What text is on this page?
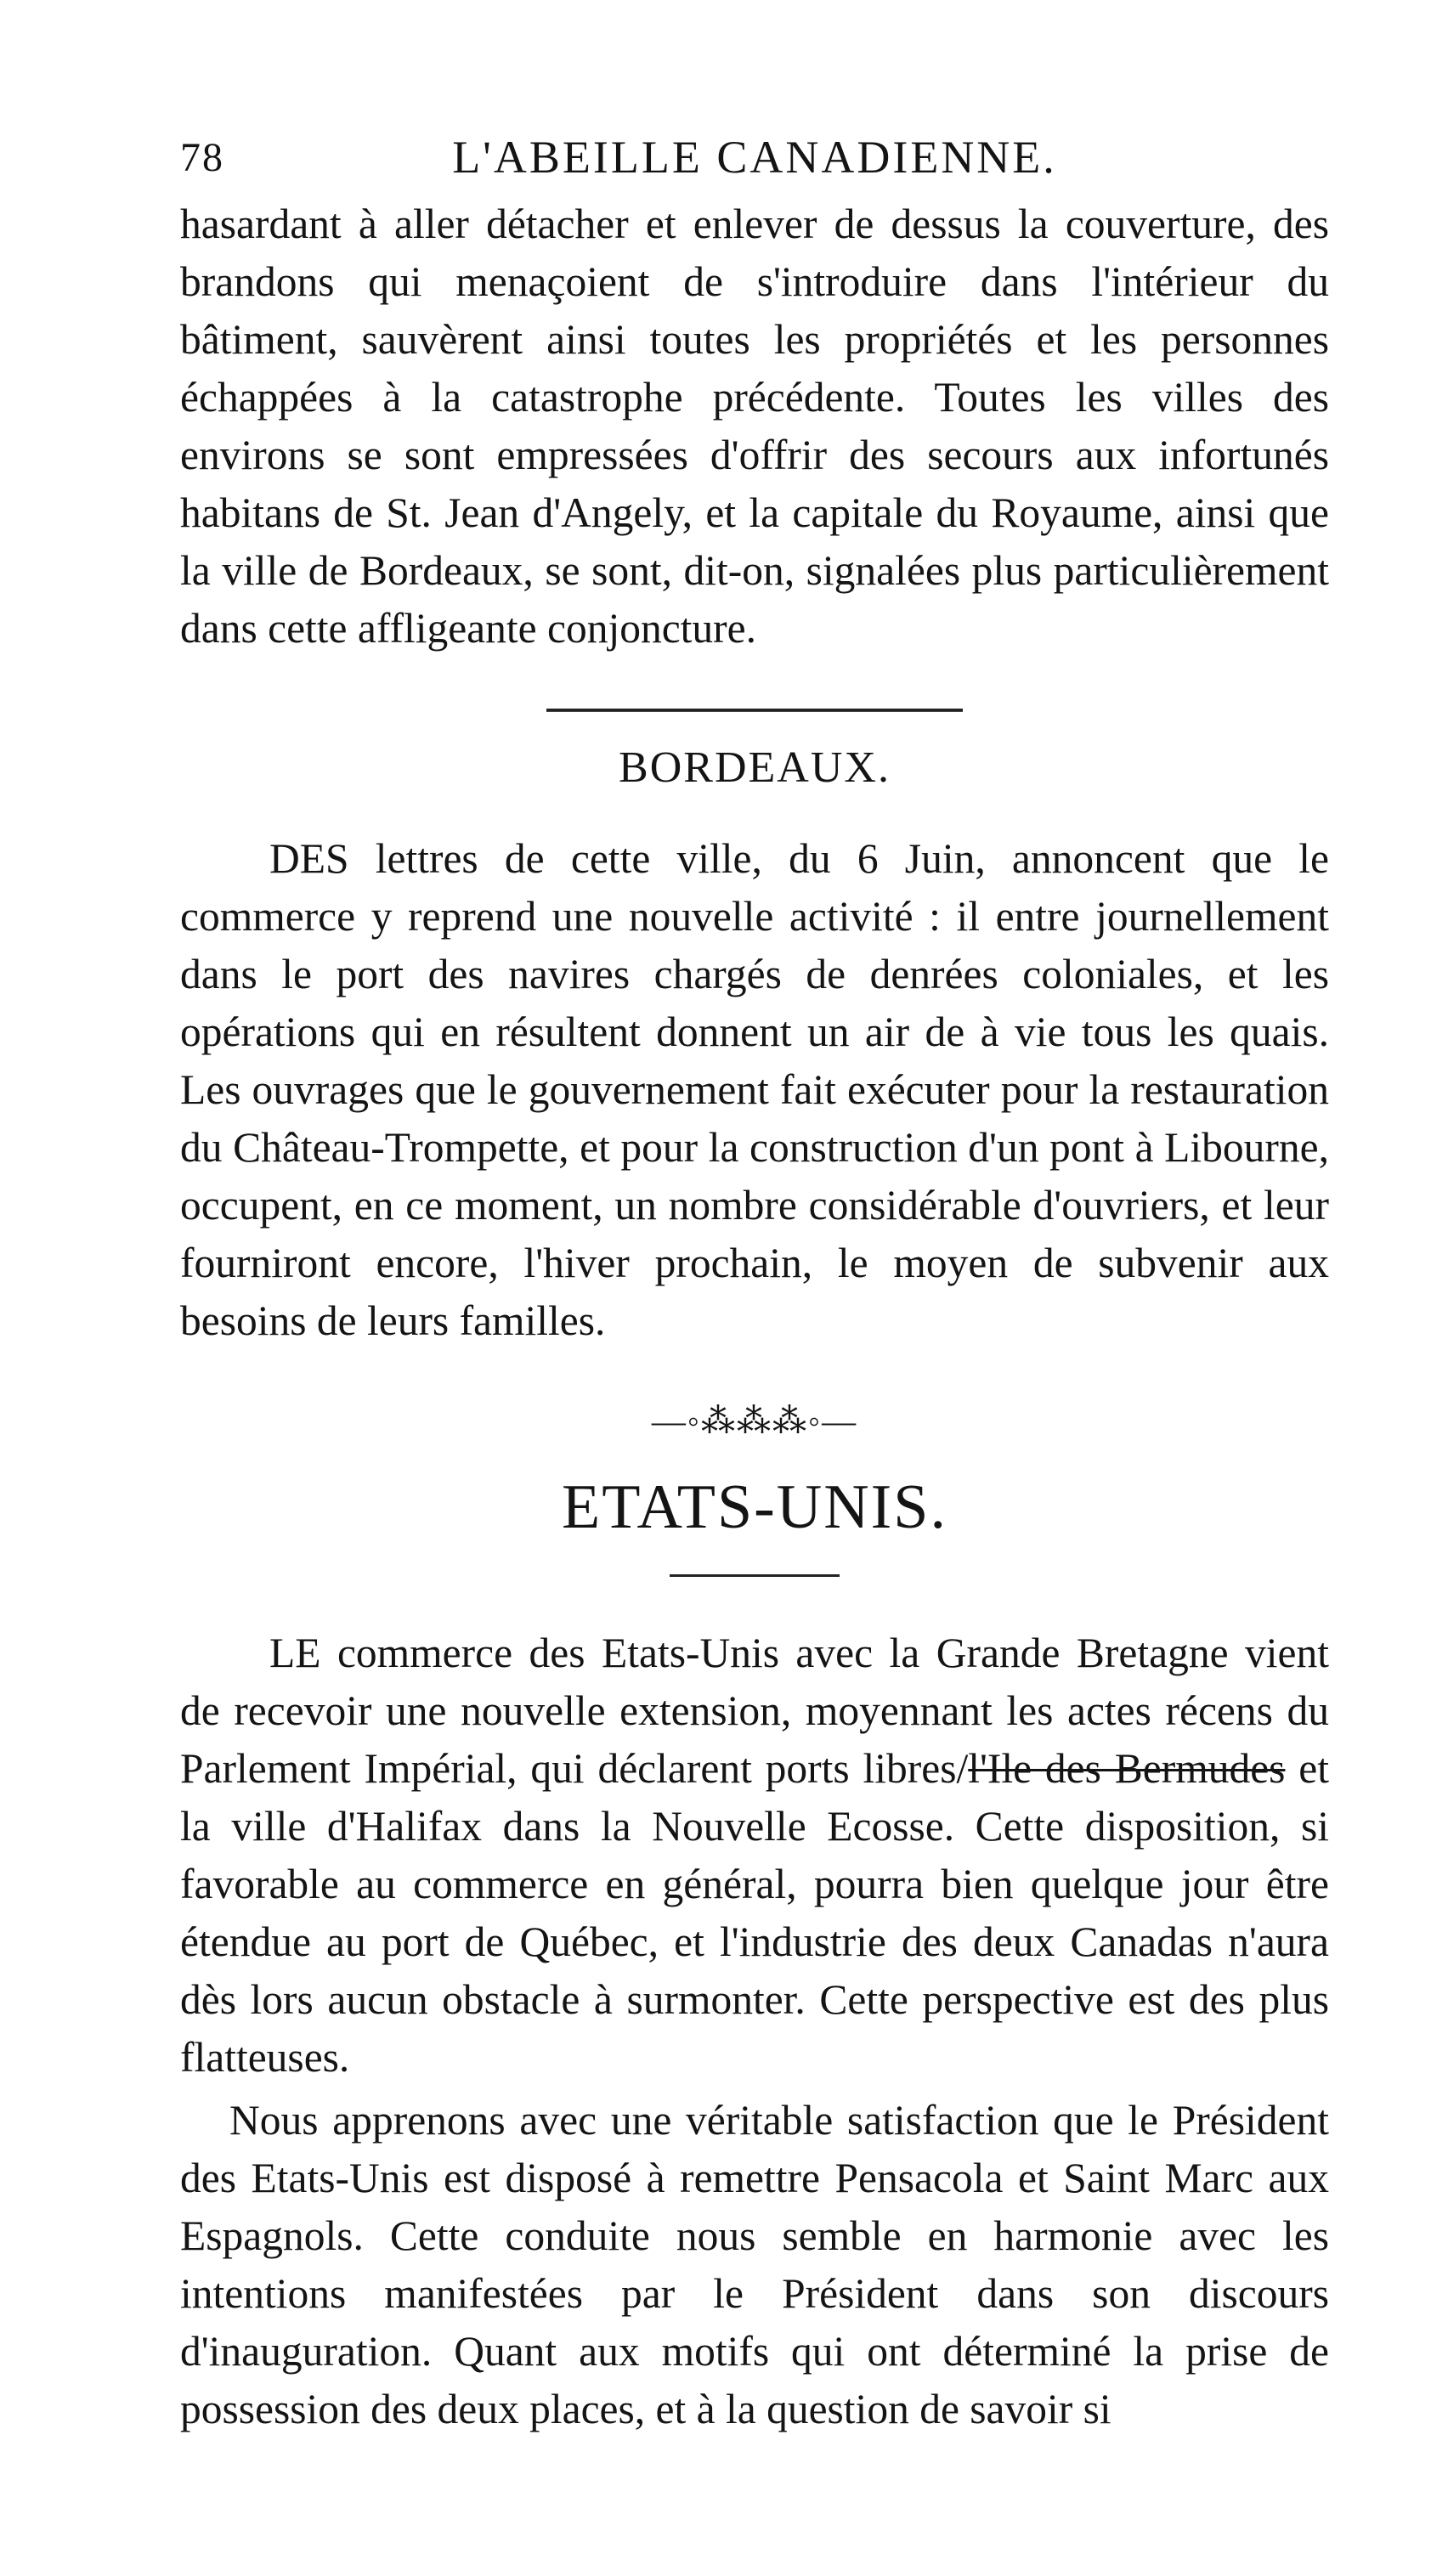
78	L'ABEILLE CANADIENNE.

hasardant à aller détacher et enlever de dessus la couverture, des brandons qui menaçoient de s'introduire dans l'intérieur du bâtiment, sauvèrent ainsi toutes les propriétés et les personnes échappées à la catastrophe précédente. Toutes les villes des environs se sont empressées d'offrir des secours aux infortunés habitans de St. Jean d'Angely, et la capitale du Royaume, ainsi que la ville de Bordeaux, se sont, dit-on, signalées plus particulièrement dans cette affligeante conjoncture.

BORDEAUX.

DES lettres de cette ville, du 6 Juin, annoncent que le commerce y reprend une nouvelle activité : il entre journellement dans le port des navires chargés de denrées coloniales, et les opérations qui en résultent donnent un air de à vie tous les quais. Les ouvrages que le gouvernement fait exécuter pour la restauration du Château-Trompette, et pour la construction d'un pont à Libourne, occupent, en ce moment, un nombre considérable d'ouvriers, et leur fourniront encore, l'hiver prochain, le moyen de subvenir aux besoins de leurs familles.

—◦⁂⁂⁂◦—
ETATS-UNIS.

LE commerce des Etats-Unis avec la Grande Bretagne vient de recevoir une nouvelle extension, moyennant les actes récens du Parlement Impérial, qui déclarent ports libres/l'Ile des Bermudes et la ville d'Halifax dans la Nouvelle Ecosse. Cette disposition, si favorable au commerce en général, pourra bien quelque jour être étendue au port de Québec, et l'industrie des deux Canadas n'aura dès lors aucun obstacle à surmonter. Cette perspective est des plus flatteuses.

Nous apprenons avec une véritable satisfaction que le Président des Etats-Unis est disposé à remettre Pensacola et Saint Marc aux Espagnols. Cette conduite nous semble en harmonie avec les intentions manifestées par le Président dans son discours d'inauguration. Quant aux motifs qui ont déterminé la prise de possession des deux places, et à la question de savoir si
